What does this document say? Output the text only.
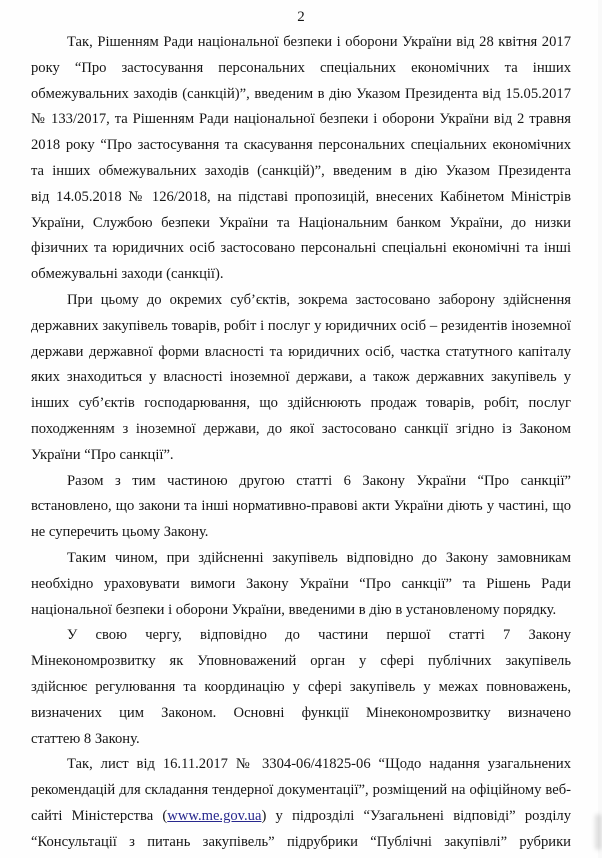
2
Так, Рішенням Ради національної безпеки і оборони України від 28 квітня 2017
року “Про застосування персональних спеціальних економічних та інших
обмежувальних заходів (санкцій)”, введеним в дію Указом Президента від 15.05.2017
№ 133/2017, та Рішенням Ради національної безпеки і оборони України від 2 травня
2018 року “Про застосування та скасування персональних спеціальних економічних
та інших обмежувальних заходів (санкцій)”, введеним в дію Указом Президента
від 14.05.2018 № 126/2018, на підставі пропозицій, внесених Кабінетом Міністрів
України, Службою безпеки України та Національним банком України, до низки
фізичних та юридичних осіб застосовано персональні спеціальні економічні та інші
обмежувальні заходи (санкції).
При цьому до окремих суб’єктів, зокрема застосовано заборону здійснення
державних закупівель товарів, робіт і послуг у юридичних осіб – резидентів іноземної
держави державної форми власності та юридичних осіб, частка статутного капіталу
яких знаходиться у власності іноземної держави, а також державних закупівель у
інших суб’єктів господарювання, що здійснюють продаж товарів, робіт, послуг
походженням з іноземної держави, до якої застосовано санкції згідно із Законом
України “Про санкції”.
Разом з тим частиною другою статті 6 Закону України “Про санкції”
встановлено, що закони та інші нормативно-правові акти України діють у частині, що
не суперечить цьому Закону.
Таким чином, при здійсненні закупівель відповідно до Закону замовникам
необхідно ураховувати вимоги Закону України “Про санкції” та Рішень Ради
національної безпеки і оборони України, введеними в дію в установленому порядку.
У свою чергу, відповідно до частини першої статті 7 Закону
Мінекономрозвитку як Уповноважений орган у сфері публічних закупівель
здійснює регулювання та координацію у сфері закупівель у межах повноважень,
визначених цим Законом. Основні функції Мінекономрозвитку визначено
статтею 8 Закону.
Так, лист від 16.11.2017 № 3304-06/41825-06 “Щодо надання узагальнених
рекомендацій для складання тендерної документації”, розміщений на офіційному веб-
сайті Міністерства (www.me.gov.ua) у підрозділі “Узагальнені відповіді” розділу
“Консультації з питань закупівель” підрубрики “Публічні закупівлі” рубрики
